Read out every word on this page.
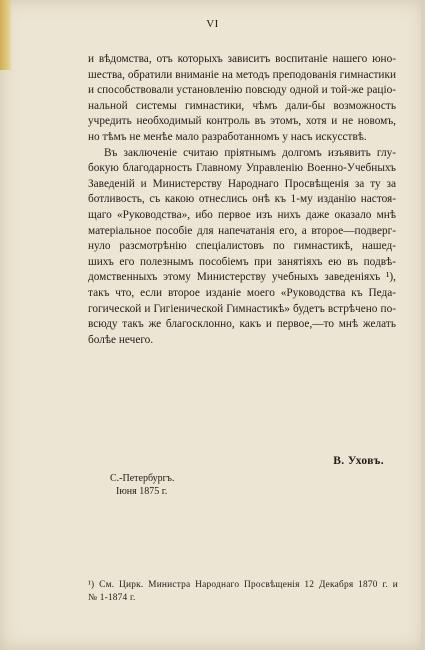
VI

и вѣдомства, отъ которыхъ зависитъ воспитаніе нашего юно-
шества, обратили вниманіе на методъ преподованія гимнастики
и способствовали установленію повсюду одной и той-же раціо-
нальной системы гимнастики, чѣмъ дали-бы возможность
учредить необходимый контроль въ этомъ, хотя и не новомъ,
но тѣмъ не менѣе мало разработанномъ у насъ искусствѣ.

Въ заключеніе считаю пріятнымъ долгомъ изъявить глу-
бокую благодарность Главному Управленію Военно-Учебныхъ
Заведеній и Министерству Народнаго Просвѣщенія за ту за
ботливость, съ какою отнеслись онѣ къ 1-му изданію настоя-
щаго «Руководства», ибо первое изъ нихъ даже оказало мнѣ
матеріальное пособіе для напечатанія его, а второе—подверг-
нуло разсмотрѣнію спеціалистовъ по гимнастикѣ, нашед-
шихъ его полезнымъ пособіемъ при занятіяхъ ею въ подвѣ-
домственныхъ этому Министерству учебныхъ заведеніяхъ ¹),
такъ что, если второе изданіе моего «Руководства къ Педа-
гогической и Гигіенической Гимнастикѣ» будетъ встрѣчено по-
всюду такъ же благосклонно, какъ и первое,—то мнѣ желать
болѣе нечего.

В. Уховъ.
С.-Петербургъ.
Іюня 1875 г.
¹) См. Цирк. Министра Народнаго Просвѣщенія 12 Декабря 1870 г. и
№ 1-1874 г.
